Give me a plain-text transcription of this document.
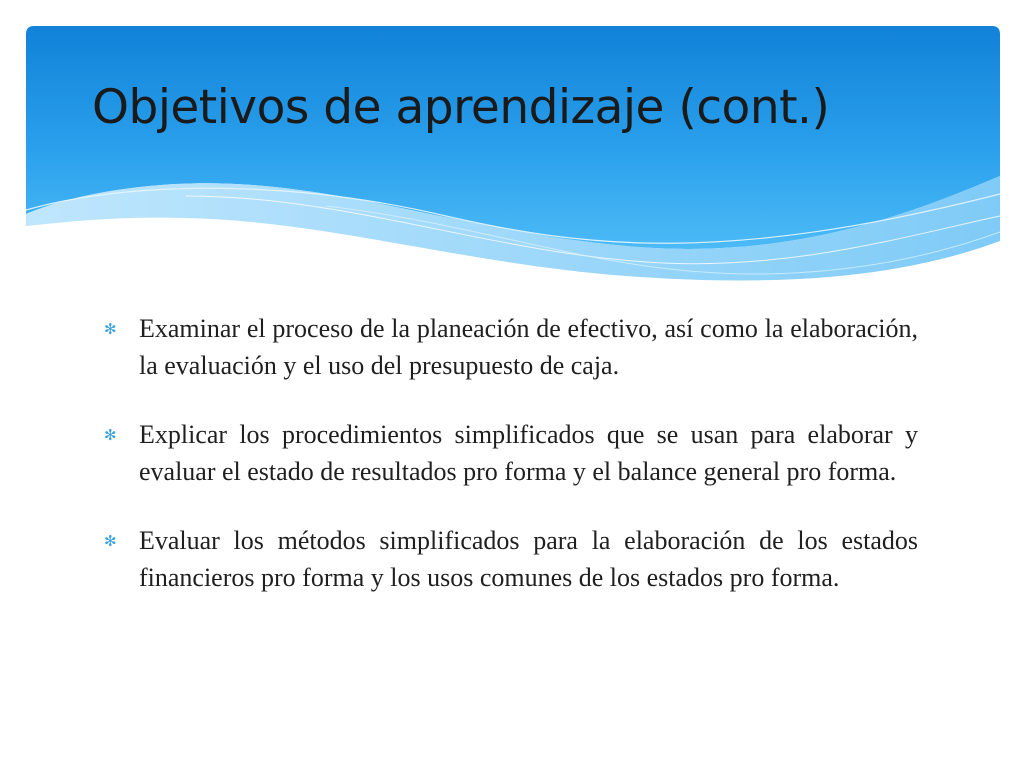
Objetivos de aprendizaje (cont.)
✻ Examinar el proceso de la planeación de efectivo, así como la elaboración, la evaluación y el uso del presupuesto de caja.
✻ Explicar los procedimientos simplificados que se usan para elaborar y evaluar el estado de resultados pro forma y el balance general pro forma.
✻ Evaluar los métodos simplificados para la elaboración de los estados financieros pro forma y los usos comunes de los estados pro forma.
